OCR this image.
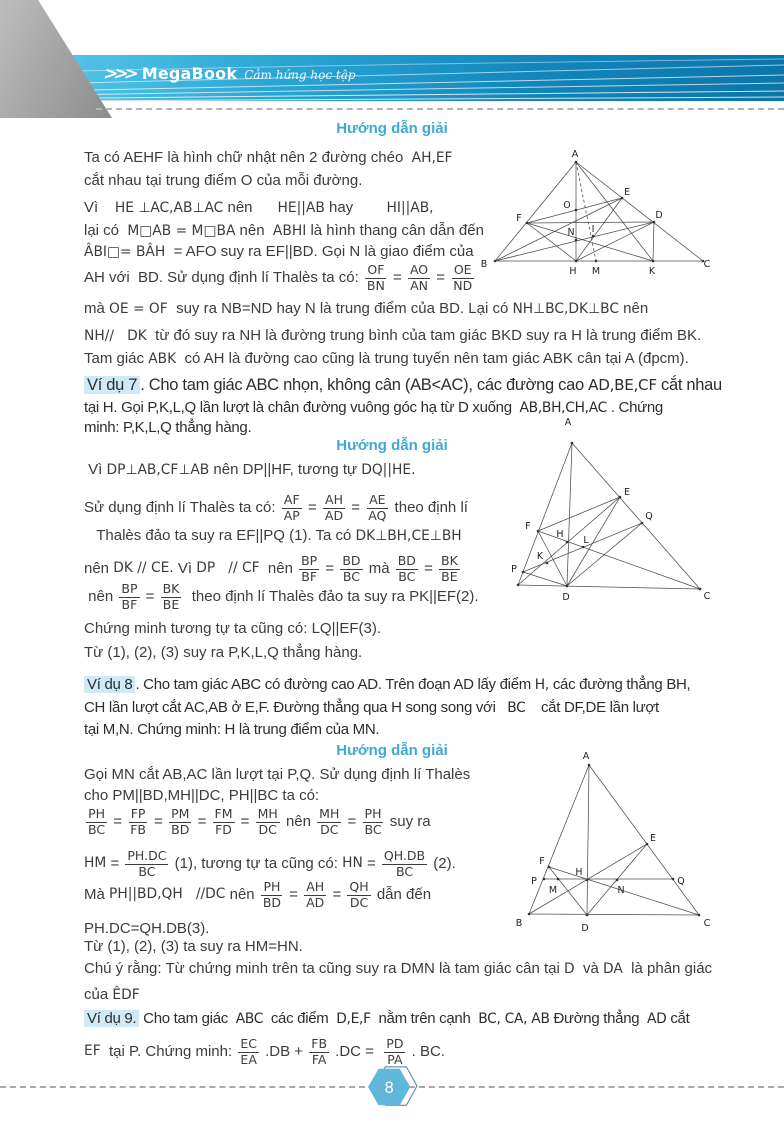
>>> MegaBook Cảm hứng học tập
Hướng dẫn giải
Ta có AEHF là hình chữ nhật nên 2 đường chéo  AH,EF
cắt nhau tại trung điểm O của mỗi đường.
Vì    HE ⊥AC,AB⊥AC nên      HE||AB hay        HI||AB,
lại có  M□AB = M□BA nên  ABHI là hình thang cân dẫn đến
ÂBI□= BÂH  = AFO suy ra EF||BD. Gọi N là giao điểm của
AH với  BD. Sử dụng định lí Thalès ta có: $\frac{OF}{BN} = \frac{AO}{AN} = \frac{OE}{ND}$
mà OE = OF  suy ra NB=ND hay N là trung điểm của BD. Lại có NH⊥BC,DK⊥BC nên
NH//   DK  từ đó suy ra NH là đường trung bình của tam giác BKD suy ra H là trung điểm BK.
Tam giác ABK  có AH là đường cao cũng là trung tuyến nên tam giác ABK cân tại A (đpcm).
Ví dụ 7 . Cho tam giác ABC nhọn, không cân (AB<AC), các đường cao AD,BE,CF cắt nhau
tại H. Gọi P,K,L,Q lần lượt là chân đường vuông góc hạ từ D xuống  AB,BH,CH,AC . Chứng
minh: P,K,L,Q thẳng hàng.
Hướng dẫn giải
Vì DP⊥AB,CF⊥AB nên DP||HF, tương tự DQ||HE.
Sử dụng định lí Thalès ta có: $\frac{AF}{AP} = \frac{AH}{AD} = \frac{AE}{AQ}$ theo định lí
Thalès đảo ta suy ra EF||PQ (1). Ta có DK⊥BH,CE⊥BH
nên DK // CE. Vì DP   // CF nên $\frac{BP}{BF} = \frac{BD}{BC}$ mà $\frac{BD}{BC} = \frac{BK}{BE}$
nên $\frac{BP}{BF} = \frac{BK}{BE}$ theo định lí Thalès đảo ta suy ra PK||EF(2).
Chứng minh tương tự ta cũng có: LQ||EF(3).
Từ (1), (2), (3) suy ra P,K,L,Q thẳng hàng.
Ví dụ 8 . Cho tam giác ABC có đường cao AD. Trên đoạn AD lấy điểm H, các đường thẳng BH,
CH lần lượt cắt AC,AB ở E,F. Đường thẳng qua H song song với   BC    cắt DF,DE lần lượt
tại M,N. Chứng minh: H là trung điểm của MN.
Hướng dẫn giải
Gọi MN cắt AB,AC lần lượt tại P,Q. Sử dụng định lí Thalès
cho PM||BD,MH||DC, PH||BC ta có:
$\frac{PH}{BC} = \frac{FP}{FB} = \frac{PM}{BD} = \frac{FM}{FD} = \frac{MH}{DC}$ nên $\frac{MH}{DC} = \frac{PH}{BC}$ suy ra
HM = $\frac{PH.DC}{BC} (1)$, tương tự ta cũng có: HN = $\frac{QH.DB}{BC} (2)$.
Mà PH||BD,QH   //DC nên $\frac{PH}{BD} = \frac{AH}{AD} = \frac{QH}{DC}$ dẫn đến
PH.DC=QH.DB(3).
Từ (1), (2), (3) ta suy ra HM=HN.
Chú ý rằng: Từ chứng minh trên ta cũng suy ra DMN là tam giác cân tại D  và DA  là phân giác
của ÊDF
Ví dụ 9. Cho tam giác  ABC  các điểm  D,E,F  nằm trên cạnh  BC, CA, AB Đường thẳng  AD cắt
EF tại P. Chứng minh: $\frac{EC}{EA} .DB + \frac{FB}{FA} .DC = \frac{PD}{PA}$ . BC.
A
B	C
H M	K
D
E
F
O
N I
A
E
Q
F
H
L
K
P
D	C
A
E
F
H
P
M	N
Q
B	D	C
8
